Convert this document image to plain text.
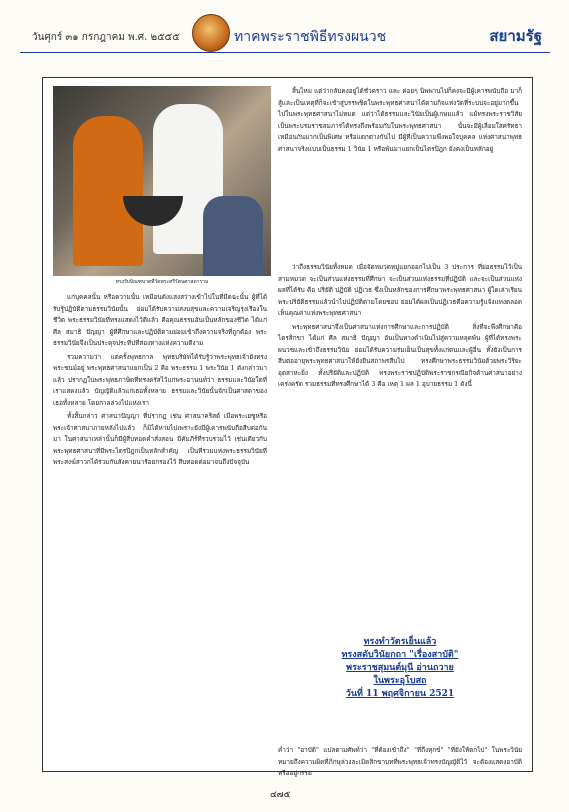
วันศุกร์ ๓๑ กรกฎาคม พ.ศ. ๒๕๕๕	ทาคพระราชพิธีทรงผนวช	สยามรัฐ
ทรงรับบิณฑบาตที่วัดพระศรีรัตนศาสดาราม

สิ้นไหม แต่ว่ากลับคงอยู่ได้ชั่วคราว และ ค่อยๆ นิพพานไปก็คงจะมีผู้เคารพนับถือ มาก็สู้และเป็นเหตุที่ก็จะเข้าสู่บรรพชิตในพระพุทธศาสนาได้ตามกิจแห่งวัดที่ระบบจะอยู่มากขึ้นไปในพระพุทธศาสนาไม่หมด แต่ว่าได้ธรรมและวินัยเป็นผู้เกษมแล้ว แม้ทรงพระราชวิสัยเป็นพระบรมราชสมภารได้ทรงถึงพร้อมกับในพระพุทธศาสนา นั้นจะมีผู้เลื่อมใสศรัทธาเหมือนกันมากเป็นพิเศษ หรือแตกต่างกันไป มีผู้ที่เป็นความพึงพอใจบุคคล แห่งศาสนาพุทธศาสนาจริงแบบเป็นธรรม 1 วินัย 1 หรือพ้นมาแยกเป็นไตรปิฎก ยังคงเป็นหลักอยู่

แก่บุคคลนั้น หรือความนั้น เหมือนดังแสงสว่างเข้าไปในที่มืดฉะนั้น ผู้ที่ได้รับรู้ปฏิบัติตามธรรมวินัยนั้น ย่อมได้รับความสงบสุขและความเจริญรุ่งเรืองในชีวิต พระธรรมวินัยที่ทรงแสดงไว้ดีแล้ว คือคุณธรรมอันเป็นหลักของชีวิต ได้แก่ ศีล สมาธิ ปัญญา ผู้ที่ศึกษาและปฏิบัติตามย่อมเข้าถึงความจริงที่ถูกต้อง พระธรรมวินัยจึงเป็นประดุจประทีปที่ส่องทางแห่งความดีงาม

รวมความว่า แต่ครั้งพุทธกาล พุทธบริษัทได้รับรู้ว่าพระพุทธเจ้ายังทรงพระชนม์อยู่ พระพุทธศาสนาแยกเป็น 2 คือ พระธรรม 1 พระวินัย 1 ดังกล่าวมาแล้ว ปรากฏในพระพุทธภาษิตที่ทรงตรัสไว้แก่พระอานนท์ว่า ธรรมและวินัยใดที่เราแสดงแล้ว บัญญัติแล้วแก่เธอทั้งหลาย ธรรมและวินัยนั้นจักเป็นศาสดาของเธอทั้งหลาย โดยกาลล่วงไปแห่งเรา

ทั้งสิ้นกล่าว ศาสนาปัญญา ที่ปรากฏ เช่น ศาสนาคริสต์ เมื่อพระเยซูหรือพระเจ้าศาสนาภายหลังไปแล้ว ก็มิได้หายไปเพราะยังมีผู้เคารพนับถือสืบต่อกันมา ในศาสนาเหล่านั้นก็มีผู้สืบทอดคำสั่งสอน มีคัมภีร์ที่รวบรวมไว้ เช่นเดียวกับพระพุทธศาสนาที่มีพระไตรปิฎกเป็นหลักสำคัญ เป็นที่รวมแห่งพระธรรมวินัยที่พระสงฆ์สาวกได้ร่วมกันสังคายนาร้อยกรองไว้ สืบทอดต่อมาจนถึงปัจจุบัน

ว่าถึงธรรมวินัยทั้งหมด เมื่อจัดหมวดหมู่แยกออกไปเป็น 3 ประการ ที่ย่อธรรมไว้เป็นสามหมวด จะเป็นส่วนแห่งธรรมที่ศึกษา จะเป็นส่วนแห่งธรรมที่ปฏิบัติ และจะเป็นส่วนแห่งผลที่ได้รับ คือ ปริยัติ ปฏิบัติ ปฏิเวธ ซึ่งเป็นหลักของการศึกษาพระพุทธศาสนา ผู้ใดเล่าเรียนพระปริยัติธรรมแล้วนำไปปฏิบัติตามโดยชอบ ย่อมได้ผลเป็นปฏิเวธคือความรู้แจ้งแทงตลอด เห็นคุณค่าแห่งพระพุทธศาสนา

พระพุทธศาสนาจึงเป็นศาสนาแห่งการศึกษาและการปฏิบัติ สิ่งที่จะพึงศึกษาคือไตรสิกขา ได้แก่ ศีล สมาธิ ปัญญา อันเป็นทางดำเนินไปสู่ความหลุดพ้น ผู้ที่ได้ทรงพระผนวชและเข้าถึงธรรมวินัย ย่อมได้รับความร่มเย็นเป็นสุขทั้งแก่ตนและผู้อื่น ทั้งยังเป็นการสืบต่ออายุพระพุทธศาสนาให้ยั่งยืนสถาพรสืบไป ทรงศึกษาพระธรรมวินัยด้วยพระวิริยะอุตสาหะยิ่ง ทั้งปริยัติและปฏิบัติ ทรงพระราชปฏิบัติพระราชกรณียกิจด้านศาสนาอย่างเคร่งครัด รวมธรรมที่ทรงศึกษาได้ 3 คือ เหตุ 1 ผล 1 อุบายธรรม 1 ดังนี้

ทรงทำวัตรเย็นแล้ว
ทรงสดับวินัยกถา "เรื่องสาบัติ"
พระราชสุมนต์มุนี อ่านถวาย
ในพระอุโบสถ
วันที่ 11 พฤศจิกายน 2521
คำว่า "อาบัติ" แปลตามศัพท์ว่า "ที่ต้องเข้าถึง" "ที่ถึงทุกข์" "ที่ยังให้ตกไป" ในพระวินัย หมายถึงความผิดที่ภิกษุล่วงละเมิดสิกขาบทที่พระพุทธเจ้าทรงบัญญัติไว้ จะต้องแสดงอาบัติหรืออยู่กรรม
๔๗๕
